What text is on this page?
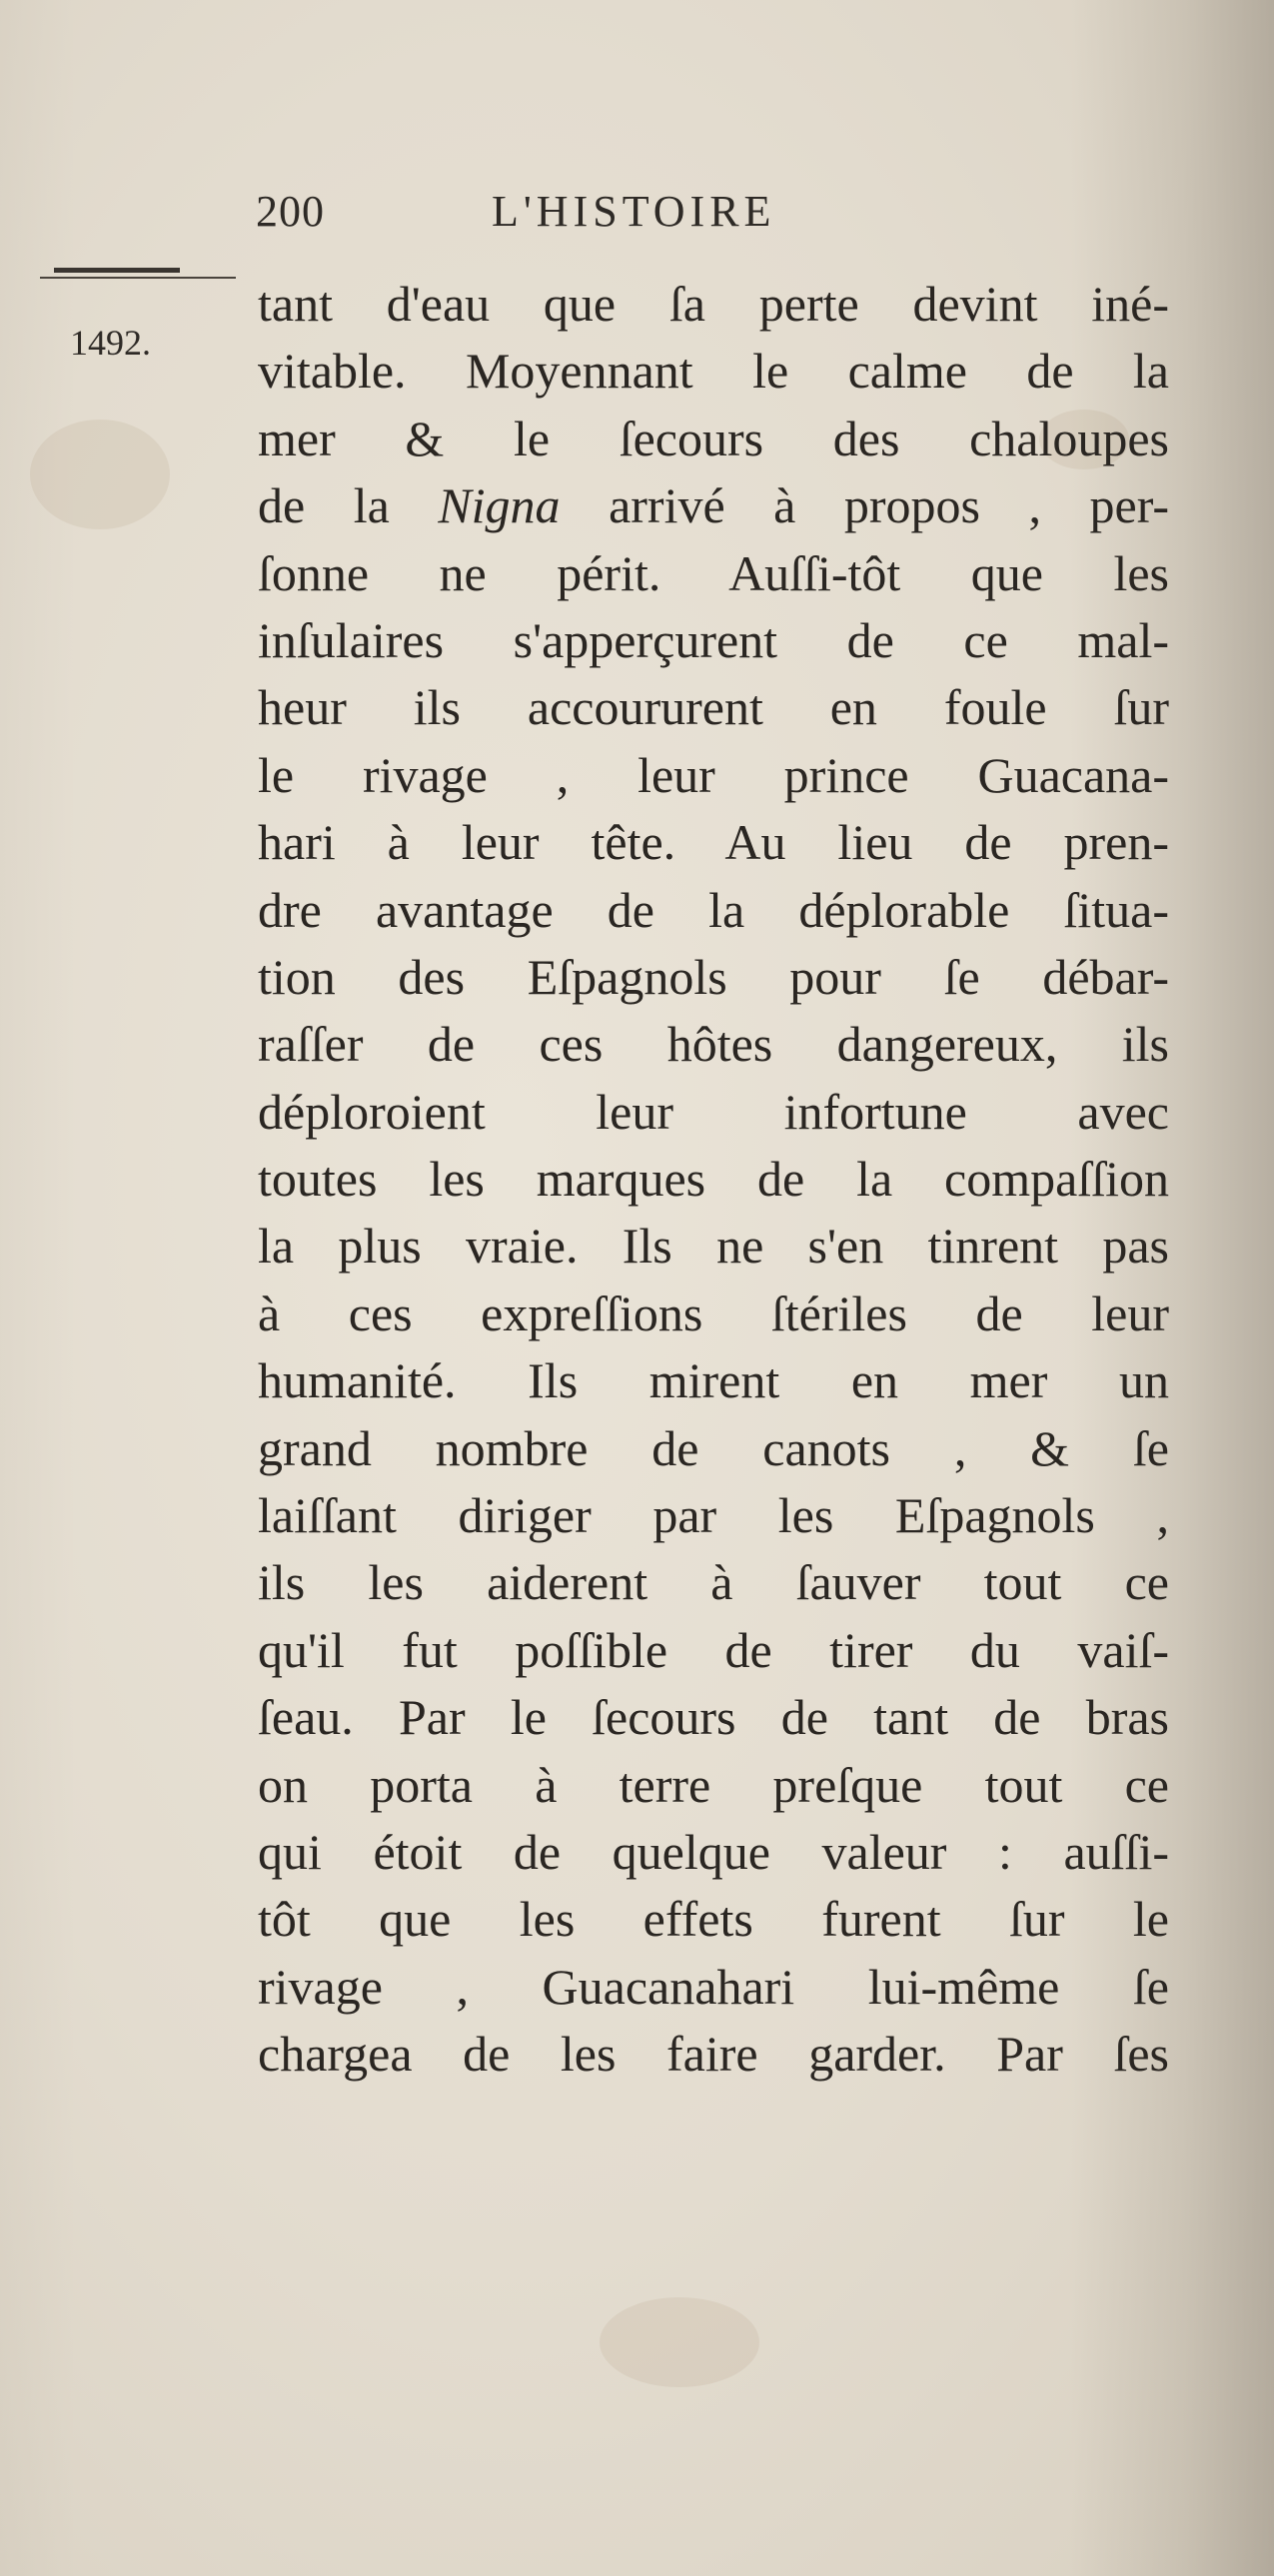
200	L'HISTOIRE
1492.
tant d'eau que ſa perte devint iné-
vitable. Moyennant le calme de la
mer & le ſecours des chaloupes
de la Nigna arrivé à propos , per-
ſonne ne périt. Auſſi-tôt que les
inſulaires s'apperçurent de ce mal-
heur ils accoururent en foule ſur
le rivage , leur prince Guacana-
hari à leur tête. Au lieu de pren-
dre avantage de la déplorable ſitua-
tion des Eſpagnols pour ſe débar-
raſſer de ces hôtes dangereux, ils
déploroient leur infortune avec
toutes les marques de la compaſſion
la plus vraie. Ils ne s'en tinrent pas
à ces expreſſions ſtériles de leur
humanité. Ils mirent en mer un
grand nombre de canots , & ſe
laiſſant diriger par les Eſpagnols ,
ils les aiderent à ſauver tout ce
qu'il fut poſſible de tirer du vaiſ-
ſeau. Par le ſecours de tant de bras
on porta à terre preſque tout ce
qui étoit de quelque valeur : auſſi-
tôt que les effets furent ſur le
rivage , Guacanahari lui-même ſe
chargea de les faire garder. Par ſes
